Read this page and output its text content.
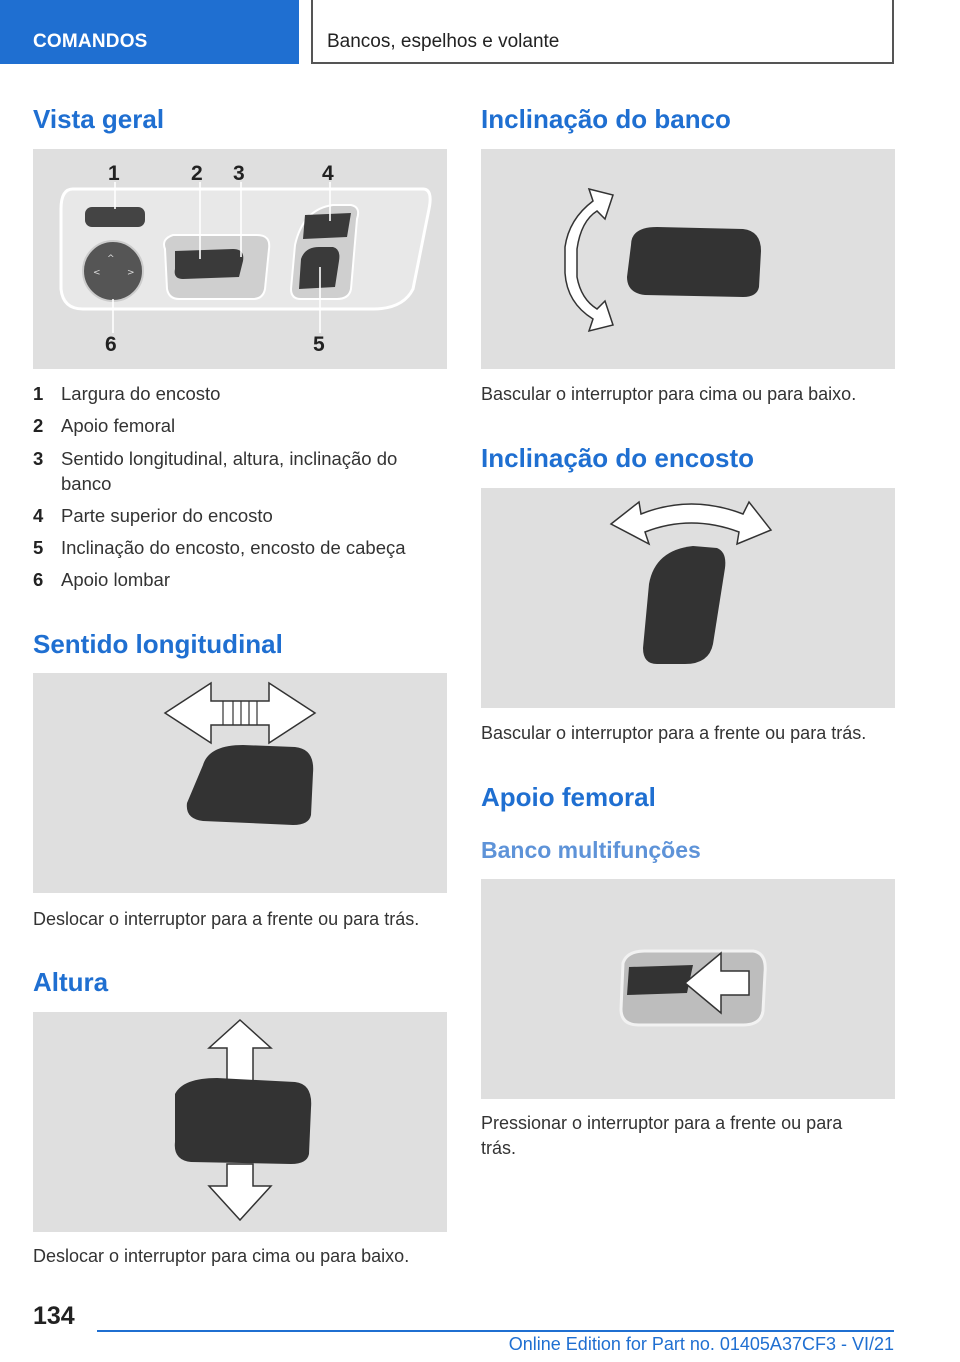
COMANDOS	Bancos, espelhos e volante
Vista geral
^
<	>
1	2 3	4
5
6
1 Largura do encosto
2 Apoio femoral
3 Sentido longitudinal, altura, inclinação do banco
4 Parte superior do encosto
5 Inclinação do encosto, encosto de cabeça
6 Apoio lombar
Sentido longitudinal
Deslocar o interruptor para a frente ou para trás.
Altura
Deslocar o interruptor para cima ou para baixo.
Inclinação do banco
Bascular o interruptor para cima ou para baixo.
Inclinação do encosto
Bascular o interruptor para a frente ou para trás.
Apoio femoral
Banco multifunções
Pressionar o interruptor para a frente ou para trás.
134
Online Edition for Part no. 01405A37CF3 - VI/21
